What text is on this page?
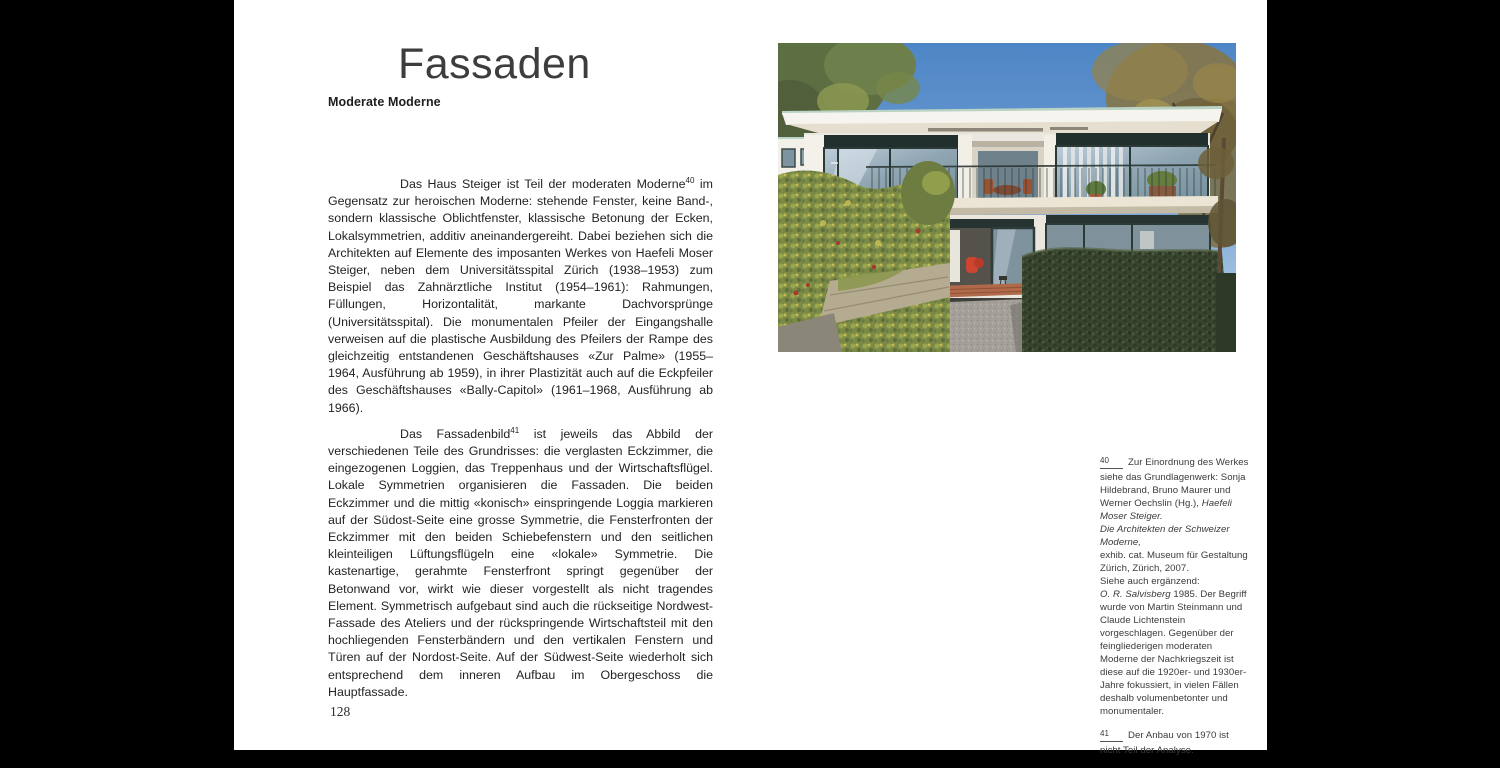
Fassaden
Moderate Moderne

Das Haus Steiger ist Teil der moderaten Moderne$^{40}$ im Gegensatz zur heroischen Moderne: stehende Fenster, keine Band-, sondern klassische Oblichtfenster, klassische Betonung der Ecken, Lokalsymmetrien, additiv aneinandergereiht. Dabei beziehen sich die Architekten auf Elemente des imposanten Werkes von Haefeli Moser Steiger, neben dem Universitätsspital Zürich (1938–1953) zum Beispiel das Zahnärztliche Institut (1954–1961): Rahmungen, Füllungen, Horizontalität, markante Dachvorsprünge (Universitätsspital). Die monumentalen Pfeiler der Eingangshalle verweisen auf die plastische Ausbildung des Pfeilers der Rampe des gleichzeitig entstandenen Geschäftshauses «Zur Palme» (1955–1964, Ausführung ab 1959), in ihrer Plastizität auch auf die Eckpfeiler des Geschäftshauses «Bally-Capitol» (1961–1968, Ausführung ab 1966).

Das Fassadenbild$^{41}$ ist jeweils das Abbild der verschiedenen Teile des Grundrisses: die verglasten Eckzimmer, die eingezogenen Loggien, das Treppenhaus und der Wirtschaftsflügel. Lokale Symmetrien organisieren die Fassaden. Die beiden Eckzimmer und die mittig «konisch» einspringende Loggia markieren auf der Südost-Seite eine grosse Symmetrie, die Fensterfronten der Eckzimmer mit den beiden Schiebefenstern und den seitlichen kleinteiligen Lüftungsflügeln eine «lokale» Symmetrie. Die kastenartige, gerahmte Fensterfront springt gegenüber der Betonwand vor, wirkt wie dieser vorgestellt als nicht tragendes Element. Symmetrisch aufgebaut sind auch die rückseitige Nordwest-Fassade des Ateliers und der rückspringende Wirtschaftsteil mit den hochliegenden Fensterbändern und den vertikalen Fenstern und Türen auf der Nordost-Seite. Auf der Südwest-Seite wiederholt sich entsprechend dem inneren Aufbau im Obergeschoss die Hauptfassade.

40 Zur Einordnung des Werkes siehe das Grundlagenwerk: Sonja Hildebrand, Bruno Maurer und Werner Oechslin (Hg.), Haefeli Moser Steiger.
Die Architekten der Schweizer Moderne,
exhib. cat. Museum für Gestaltung Zürich, Zürich, 2007.
Siehe auch ergänzend:
O. R. Salvisberg 1985. Der Begriff wurde von Martin Steinmann und Claude Lichtenstein vorgeschlagen. Gegenüber der feingliederigen moderaten Moderne der Nachkriegszeit ist diese auf die 1920er- und 1930er-Jahre fokussiert, in vielen Fällen deshalb volumenbetonter und monumentaler.
41 Der Anbau von 1970 ist nicht Teil der Analyse.
128
